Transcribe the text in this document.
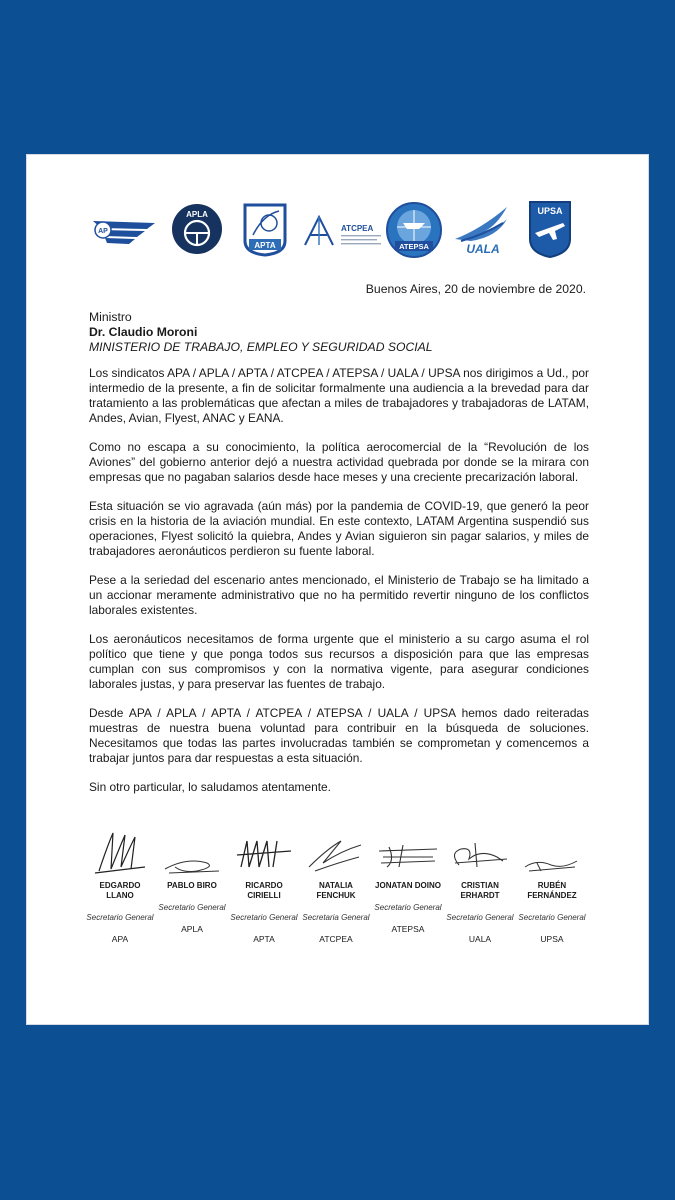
AP
APLA
APTA
ATCPEA
ATEPSA	UALA
UPSA
Buenos Aires, 20 de noviembre de 2020.
Ministro
Dr. Claudio Moroni
MINISTERIO DE TRABAJO, EMPLEO Y SEGURIDAD SOCIAL

Los sindicatos APA / APLA / APTA / ATCPEA / ATEPSA / UALA / UPSA nos dirigimos a Ud., por intermedio de la presente, a fin de solicitar formalmente una audiencia a la brevedad para dar tratamiento a las problemáticas que afectan a miles de trabajadores y trabajadoras de LATAM, Andes, Avian, Flyest, ANAC y EANA.

Como no escapa a su conocimiento, la política aerocomercial de la “Revolución de los Aviones” del gobierno anterior dejó a nuestra actividad quebrada por donde se la mirara con empresas que no pagaban salarios desde hace meses y una creciente precarización laboral.

Esta situación se vio agravada (aún más) por la pandemia de COVID-19, que generó la peor crisis en la historia de la aviación mundial. En este contexto, LATAM Argentina suspendió sus operaciones, Flyest solicitó la quiebra, Andes y Avian siguieron sin pagar salarios, y miles de trabajadores aeronáuticos perdieron su fuente laboral.

Pese a la seriedad del escenario antes mencionado, el Ministerio de Trabajo se ha limitado a un accionar meramente administrativo que no ha permitido revertir ninguno de los conflictos laborales existentes.

Los aeronáuticos necesitamos de forma urgente que el ministerio a su cargo asuma el rol político que tiene y que ponga todos sus recursos a disposición para que las empresas cumplan con sus compromisos y con la normativa vigente, para asegurar condiciones laborales justas, y para preservar las fuentes de trabajo.

Desde APA / APLA / APTA / ATCPEA / ATEPSA / UALA / UPSA hemos dado reiteradas muestras de nuestra buena voluntad para contribuir en la búsqueda de soluciones. Necesitamos que todas las partes involucradas también se comprometan y comencemos a trabajar juntos para dar respuestas a esta situación.

Sin otro particular, lo saludamos atentamente.

EDGARDO LLANO
Secretario General
APA
PABLO BIRO
Secretario General
APLA
RICARDO CIRIELLI
Secretario General
APTA
NATALIA FENCHUK
Secretaria General
ATCPEA
JONATAN DOINO
Secretario General
ATEPSA
CRISTIAN ERHARDT
Secretario General
UALA
RUBÉN FERNÁNDEZ
Secretario General
UPSA
